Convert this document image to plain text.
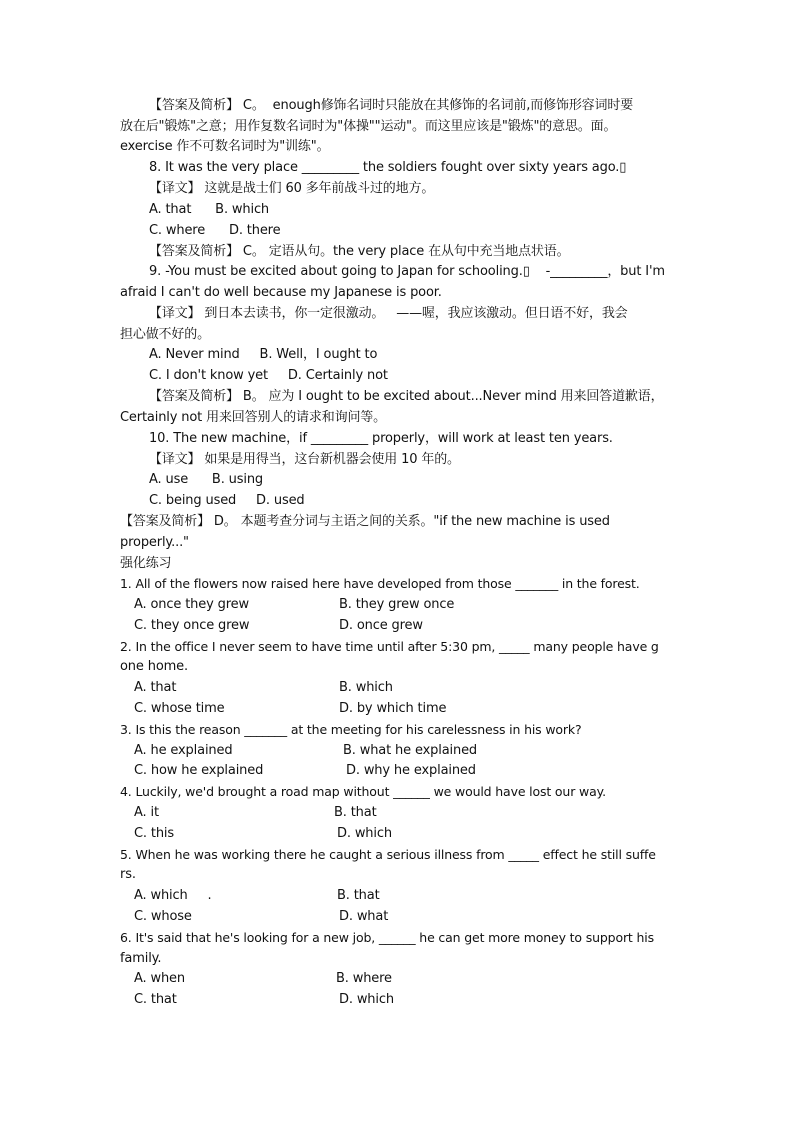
【答案及简析】 C。  enough修饰名词时只能放在其修饰的名词前,而修饰形容词时要
放在后"锻炼"之意；用作复数名词时为"体操""运动"。而这里应该是"锻炼"的意思。面。
exercise 作不可数名词时为"训练"。
8. It was the very place _________ the soldiers fought over sixty years ago.▯
【译文】 这就是战士们 60 多年前战斗过的地方。
A. that      B. which
C. where      D. there
【答案及简析】 C。 定语从句。the very place 在从句中充当地点状语。
9. -You must be excited about going to Japan for schooling.▯    -_________，but I'm
afraid I can't do well because my Japanese is poor.
【译文】 到日本去读书，你一定很激动。   ——喔，我应该激动。但日语不好，我会
担心做不好的。
A. Never mind     B. Well，I ought to
C. I don't know yet     D. Certainly not
【答案及简析】 B。 应为 I ought to be excited about...Never mind 用来回答道歉语，
Certainly not 用来回答别人的请求和询问等。
10. The new machine，if _________ properly，will work at least ten years.
【译文】 如果是用得当，这台新机器会使用 10 年的。
A. use      B. using
C. being used     D. used
【答案及简析】 D。 本题考查分词与主语之间的关系。"if the new machine is used
properly..."
强化练习
1. All of the flowers now raised here have developed from those _______ in the forest.
A. once they grew	B. they grew once
C. they once grew	D. once grew
2. In the office I never seem to have time until after 5:30 pm, _____ many people have g
one home.
A. that	B. which
C. whose time	D. by which time
3. Is this the reason _______ at the meeting for his carelessness in his work?
A. he explained	B. what he explained
C. how he explained	D. why he explained
4. Luckily, we'd brought a road map without ______ we would have lost our way.
A. it	B. that
C. this	D. which
5. When he was working there he caught a serious illness from _____ effect he still suffe
rs.
A. which     .	B. that
C. whose	D. what
6. It's said that he's looking for a new job, ______ he can get more money to support his
family.
A. when	B. where
C. that	D. which
